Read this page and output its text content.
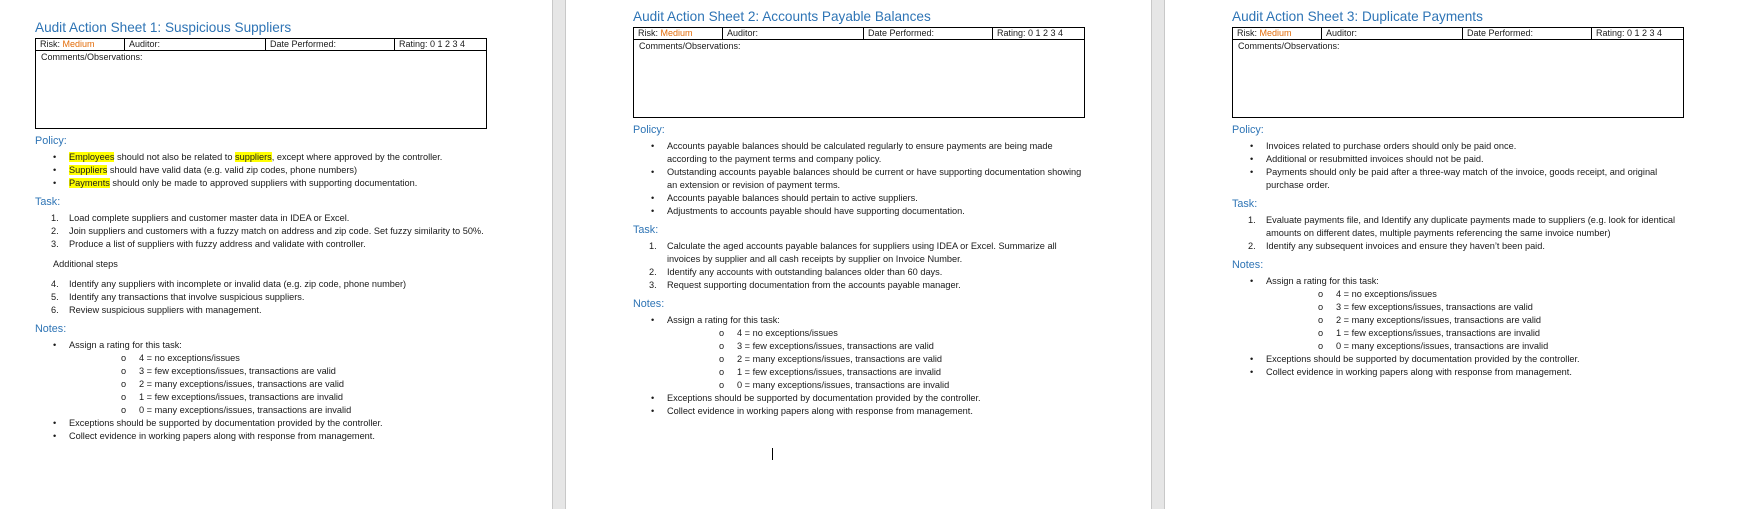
Audit Action Sheet 1: Suspicious Suppliers
Risk: Medium	Auditor:	Date Performed:	Rating: 0 1 2 3 4
Comments/Observations:
Policy:
• Employees should not also be related to suppliers, except where approved by the controller.
• Suppliers should have valid data (e.g. valid zip codes, phone numbers)
• Payments should only be made to approved suppliers with supporting documentation.
Task:
1. Load complete suppliers and customer master data in IDEA or Excel.
2. Join suppliers and customers with a fuzzy match on address and zip code. Set fuzzy similarity to 50%.
3. Produce a list of suppliers with fuzzy address and validate with controller.
Additional steps
4. Identify any suppliers with incomplete or invalid data (e.g. zip code, phone number)
5. Identify any transactions that involve suspicious suppliers.
6. Review suspicious suppliers with management.
Notes:
• Assign a rating for this task:
o 4 = no exceptions/issues
o 3 = few exceptions/issues, transactions are valid
o 2 = many exceptions/issues, transactions are valid
o 1 = few exceptions/issues, transactions are invalid
o 0 = many exceptions/issues, transactions are invalid
• Exceptions should be supported by documentation provided by the controller.
• Collect evidence in working papers along with response from management.
Audit Action Sheet 2: Accounts Payable Balances
Risk: Medium	Auditor:	Date Performed:	Rating: 0 1 2 3 4
Comments/Observations:
Policy:
• Accounts payable balances should be calculated regularly to ensure payments are being made according to the payment terms and company policy.
• Outstanding accounts payable balances should be current or have supporting documentation showing an extension or revision of payment terms.
• Accounts payable balances should pertain to active suppliers.
• Adjustments to accounts payable should have supporting documentation.
Task:
1. Calculate the aged accounts payable balances for suppliers using IDEA or Excel. Summarize all invoices by supplier and all cash receipts by supplier on Invoice Number.
2. Identify any accounts with outstanding balances older than 60 days.
3. Request supporting documentation from the accounts payable manager.
Notes:
• Assign a rating for this task:
o 4 = no exceptions/issues
o 3 = few exceptions/issues, transactions are valid
o 2 = many exceptions/issues, transactions are valid
o 1 = few exceptions/issues, transactions are invalid
o 0 = many exceptions/issues, transactions are invalid
• Exceptions should be supported by documentation provided by the controller.
• Collect evidence in working papers along with response from management.
Audit Action Sheet 3: Duplicate Payments
Risk: Medium	Auditor:	Date Performed:	Rating: 0 1 2 3 4
Comments/Observations:
Policy:
• Invoices related to purchase orders should only be paid once.
• Additional or resubmitted invoices should not be paid.
• Payments should only be paid after a three-way match of the invoice, goods receipt, and original purchase order.
Task:
1. Evaluate payments file, and Identify any duplicate payments made to suppliers (e.g. look for identical amounts on different dates, multiple payments referencing the same invoice number)
2. Identify any subsequent invoices and ensure they haven’t been paid.
Notes:
• Assign a rating for this task:
o 4 = no exceptions/issues
o 3 = few exceptions/issues, transactions are valid
o 2 = many exceptions/issues, transactions are valid
o 1 = few exceptions/issues, transactions are invalid
o 0 = many exceptions/issues, transactions are invalid
• Exceptions should be supported by documentation provided by the controller.
• Collect evidence in working papers along with response from management.
